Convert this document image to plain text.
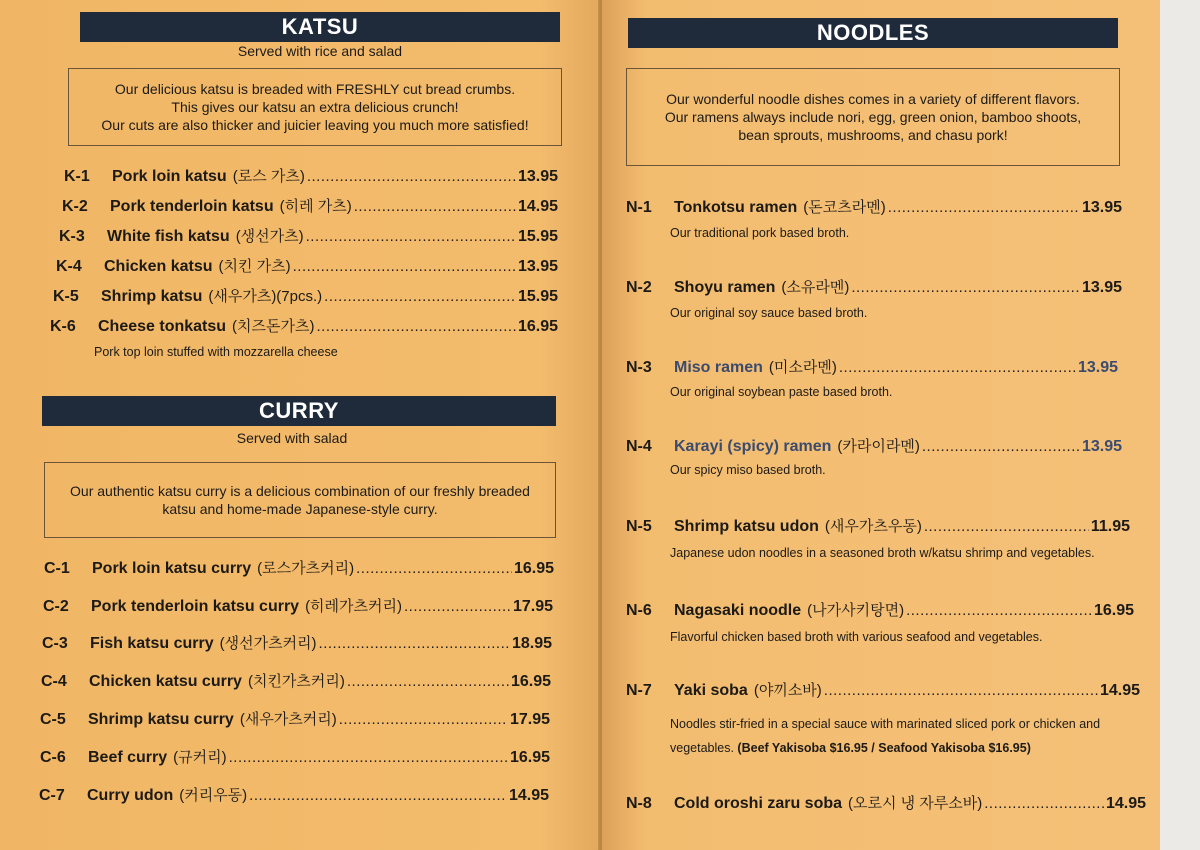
KATSU
Served with rice and salad
Our delicious katsu is breaded with FRESHLY cut bread crumbs.
This gives our katsu an extra delicious crunch!
Our cuts are also thicker and juicier leaving you much more satisfied!
K-1	Pork loin katsu (로스 가츠) .....	13.95
K-2	Pork tenderloin katsu (히레 가츠) .....	14.95
K-3	White fish katsu (생선가츠) .....	15.95
K-4	Chicken katsu (치킨 가츠) .....	13.95
K-5	Shrimp katsu (새우가츠)(7pcs.) .....	15.95
K-6	Cheese tonkatsu (치즈돈가츠) .....	16.95
Pork top loin stuffed with mozzarella cheese
CURRY
Served with salad
Our authentic katsu curry is a delicious combination of our freshly breaded
katsu and home-made Japanese-style curry.
C-1	Pork loin katsu curry (로스가츠커리) .....	16.95
C-2	Pork tenderloin katsu curry (히레가츠커리) .....	17.95
C-3	Fish katsu curry (생선가츠커리) .....	18.95
C-4	Chicken katsu curry (치킨가츠커리) .....	16.95
C-5	Shrimp katsu curry (새우가츠커리) .....	17.95
C-6	Beef curry (규커리) .....	16.95
C-7	Curry udon (커리우동) .....	14.95
NOODLES
Our wonderful noodle dishes comes in a variety of different flavors.
Our ramens always include nori, egg, green onion, bamboo shoots,
bean sprouts, mushrooms, and chasu pork!
N-1	Tonkotsu ramen (돈코츠라멘) .....	13.95
Our traditional pork based broth.
N-2	Shoyu ramen (소유라멘) .....	13.95
Our original soy sauce based broth.
N-3	Miso ramen (미소라멘) .....	13.95
Our original soybean paste based broth.
N-4	Karayi (spicy) ramen (카라이라멘) .....	13.95
Our spicy miso based broth.
N-5	Shrimp katsu udon (새우가츠우동) .....	11.95
Japanese udon noodles in a seasoned broth w/katsu shrimp and vegetables.
N-6	Nagasaki noodle (나가사키탕면) .....	16.95
Flavorful chicken based broth with various seafood and vegetables.
N-7	Yaki soba (야끼소바) .....	14.95
Noodles stir-fried in a special sauce with marinated sliced pork or chicken and
vegetables. (Beef Yakisoba $16.95 / Seafood Yakisoba $16.95)
N-8	Cold oroshi zaru soba (오로시 냉 자루소바) .....	14.95
